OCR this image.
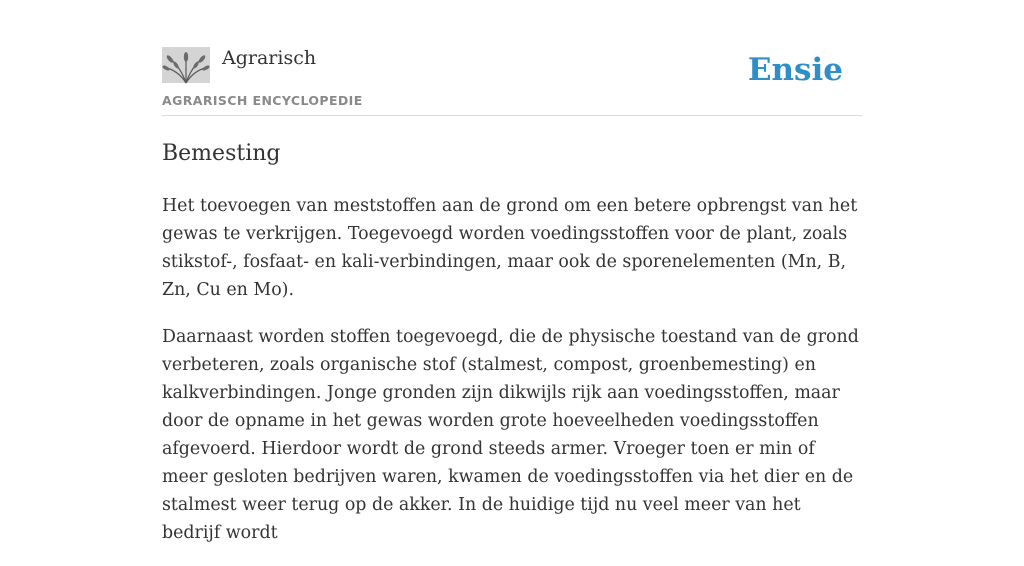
Agrarisch
AGRARISCH ENCYCLOPEDIE
Ensie
Bemesting

Het toevoegen van meststoffen aan de grond om een betere opbrengst van het gewas te verkrijgen. Toegevoegd worden voedingsstoffen voor de plant, zoals stikstof-, fosfaat- en kali-verbindingen, maar ook de sporenelementen (Mn, B, Zn, Cu en Mo).

Daarnaast worden stoffen toegevoegd, die de physische toestand van de grond verbeteren, zoals organische stof (stalmest, compost, groenbemesting) en kalkverbindingen. Jonge gronden zijn dikwijls rijk aan voedingsstoffen, maar door de opname in het gewas worden grote hoeveelheden voedingsstoffen afgevoerd. Hierdoor wordt de grond steeds armer. Vroeger toen er min of meer gesloten bedrijven waren, kwamen de voedingsstoffen via het dier en de stalmest weer terug op de akker. In de huidige tijd nu veel meer van het bedrijf wordt
